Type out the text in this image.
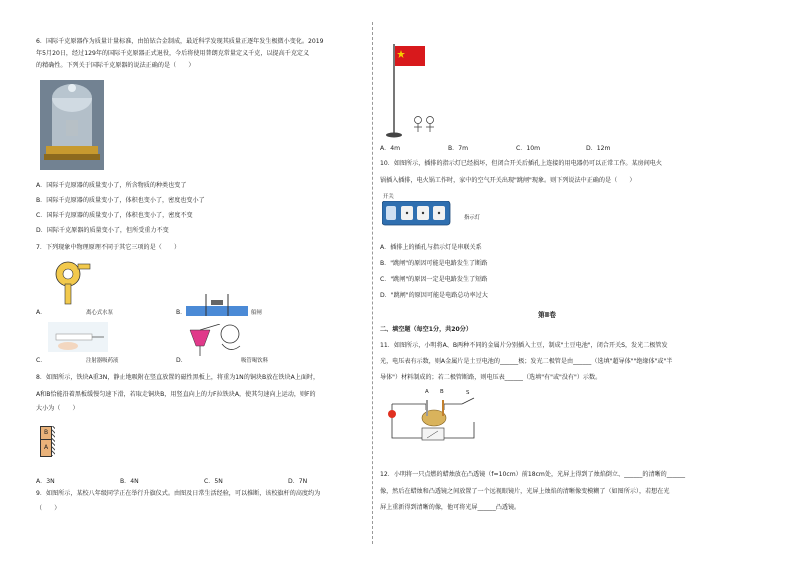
6．国际千克原器作为质量计量标准，由铂铱合金制成，最近科学发现其质量正逐年发生极微小变化。2019
年5月20日，经过129年的国际千克原器正式退役，今后将使用普朗克常量定义千克，以提高千克定义
的精确性。下列关于国际千克原器的说法正确的是（　　）
A．国际千克原器的质量变小了，所含物质的种类也变了
B．国际千克原器的质量变小了，体积也变小了，密度也变小了
C．国际千克原器的质量变小了，体积也变小了，密度不变
D．国际千克原器的质量变小了，但所受重力不变
7．下列现象中物理原理不同于其它三项的是（　　）
A．	离心式水泵	B．	船闸
C．	注射器吸药液	D．	吸管喝饮料
8．如图所示，铁块A重3N，静止地吸附在竖直放置的磁性黑板上，将重为1N的铜块B放在铁块A上面时，
A和B恰能沿着黑板缓慢匀速下滑，若取走铜块B，用竖直向上的力F拉铁块A，使其匀速向上运动，则F的
大小为（　　）
B
A
A．3N	B．4N	C．5N	D．7N
9．如图所示，某校八年级同学正在举行升旗仪式。由图及日常生活经验，可以推断，该校旗杆的高度约为
（　　）
A．4m	B．7m	C．10m	D．12m
10．如图所示，插排的指示灯已经损坏，但闭合开关后插孔上连接的用电器仍可以正常工作。某房间电火
锅插入插排，电火锅工作时，家中的空气开关出现"跳闸"现象。则下列说法中正确的是（　　）
开关
指示灯
A．插排上的插孔与指示灯是串联关系
B．"跳闸"的原因可能是电路发生了断路
C．"跳闸"的原因一定是电路发生了短路
D．"跳闸"的原因可能是电路总功率过大
第Ⅱ卷
二、填空题（每空1分，共20分）
11．如图所示，小明将A、B两种不同的金属片分别插入土豆，制成"土豆电池"，闭合开关S，发光二极管发
光，电压表有示数，则A金属片是土豆电池的______极；发光二极管是由______（选填"超导体""绝缘体"或"半
导体"）材料制成的；若二极管断路，则电压表______（选填"有"或"没有"）示数。
A B	S
12．小明将一只点燃的蜡烛放在凸透镜（f=10cm）前18cm处，光屏上得到了烛焰倒立、______的清晰的______
像，然后在蜡烛和凸透镜之间放置了一个远视眼镜片，光屏上烛焰的清晰像变模糊了（如图所示），若想在光
屏上重新得到清晰的像，他可将光屏______凸透镜。
